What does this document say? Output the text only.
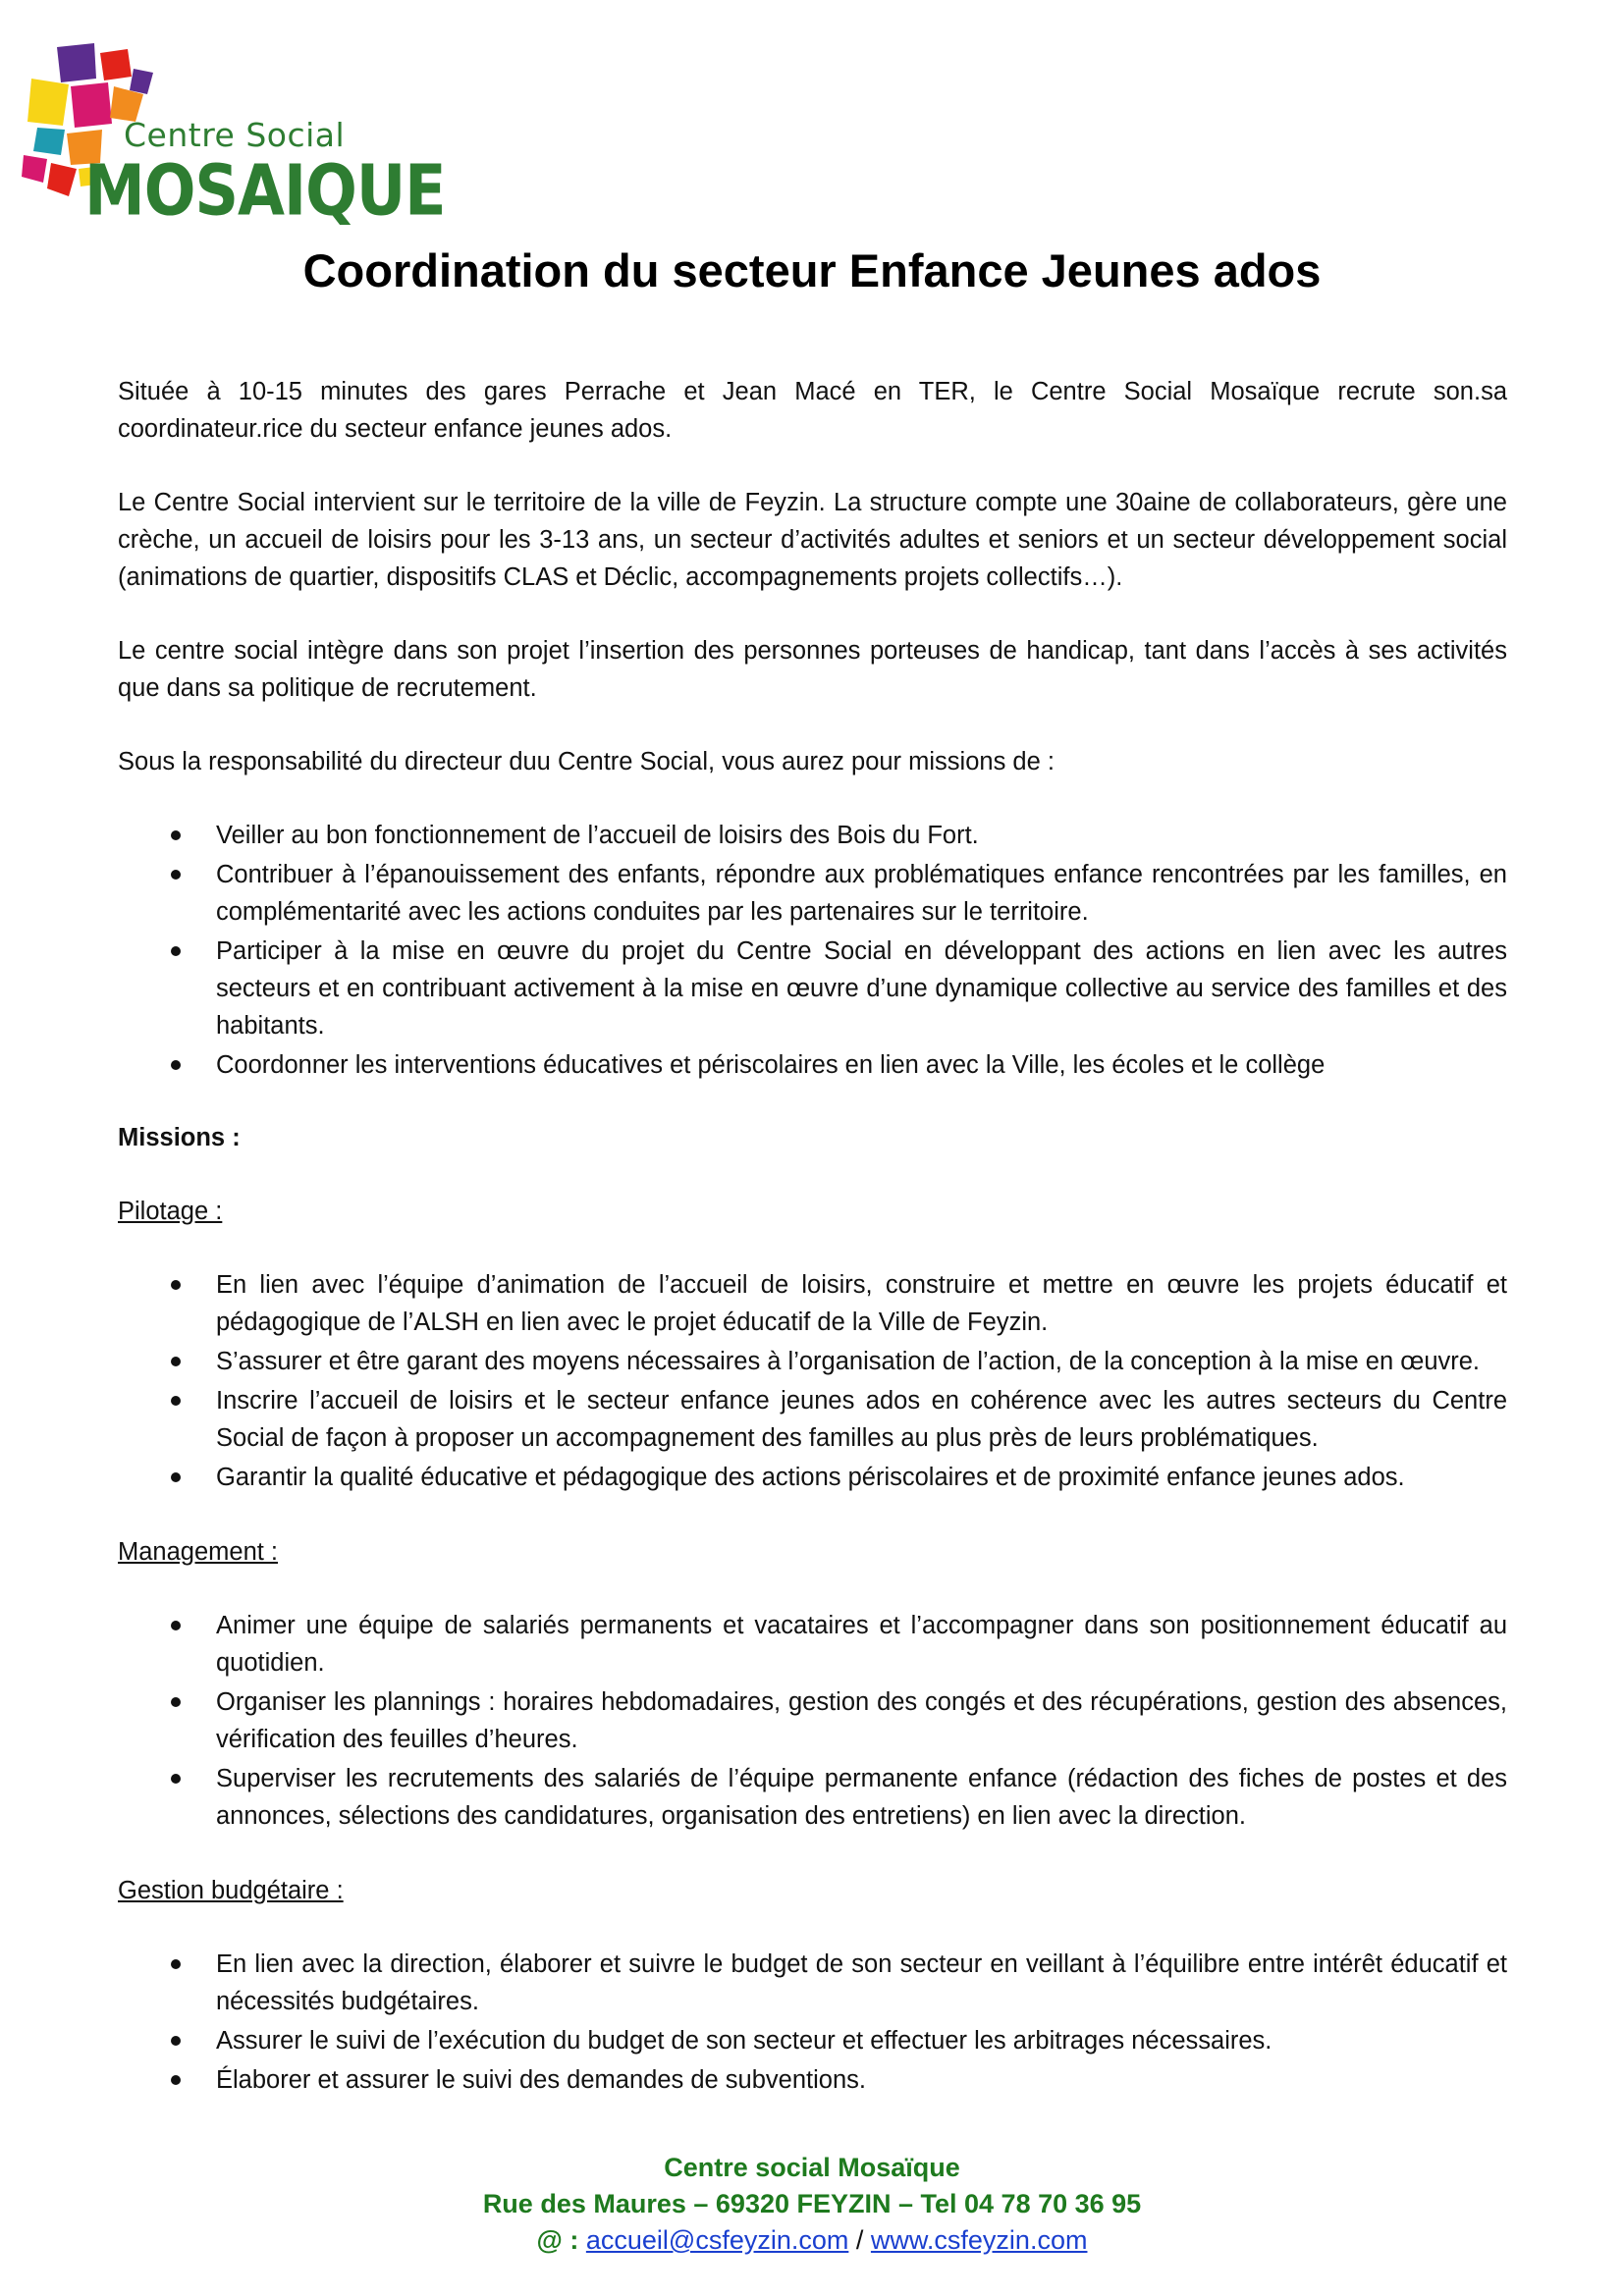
Centre Social
MOSAIQUE
Coordination du secteur Enfance Jeunes ados

Située à 10-15 minutes des gares Perrache et Jean Macé en TER, le Centre Social Mosaïque recrute son.sa coordinateur.rice du secteur enfance jeunes ados.

Le Centre Social intervient sur le territoire de la ville de Feyzin. La structure compte une 30aine de collaborateurs, gère une crèche, un accueil de loisirs pour les 3-13 ans, un secteur d’activités adultes et seniors et un secteur développement social (animations de quartier, dispositifs CLAS et Déclic, accompagnements projets collectifs…).

Le centre social intègre dans son projet l’insertion des personnes porteuses de handicap, tant dans l’accès à ses activités que dans sa politique de recrutement.

Sous la responsabilité du directeur duu Centre Social, vous aurez pour missions de :

Veiller au bon fonctionnement de l’accueil de loisirs des Bois du Fort.
Contribuer à l’épanouissement des enfants, répondre aux problématiques enfance rencontrées par les familles, en complémentarité avec les actions conduites par les partenaires sur le territoire.
Participer à la mise en œuvre du projet du Centre Social en développant des actions en lien avec les autres secteurs et en contribuant activement à la mise en œuvre d’une dynamique collective au service des familles et des habitants.
Coordonner les interventions éducatives et périscolaires en lien avec la Ville, les écoles et le collège

Missions :

Pilotage :

En lien avec l’équipe d’animation de l’accueil de loisirs, construire et mettre en œuvre les projets éducatif et pédagogique de l’ALSH en lien avec le projet éducatif de la Ville de Feyzin.
S’assurer et être garant des moyens nécessaires à l’organisation de l’action, de la conception à la mise en œuvre.
Inscrire l’accueil de loisirs et le secteur enfance jeunes ados en cohérence avec les autres secteurs du Centre Social de façon à proposer un accompagnement des familles au plus près de leurs problématiques.
Garantir la qualité éducative et pédagogique des actions périscolaires et de proximité enfance jeunes ados.

Management :

Animer une équipe de salariés permanents et vacataires et l’accompagner dans son positionnement éducatif au quotidien.
Organiser les plannings : horaires hebdomadaires, gestion des congés et des récupérations, gestion des absences, vérification des feuilles d’heures.
Superviser les recrutements des salariés de l’équipe permanente enfance (rédaction des fiches de postes et des annonces, sélections des candidatures, organisation des entretiens) en lien avec la direction.

Gestion budgétaire :

En lien avec la direction, élaborer et suivre le budget de son secteur en veillant à l’équilibre entre intérêt éducatif et nécessités budgétaires.
Assurer le suivi de l’exécution du budget de son secteur et effectuer les arbitrages nécessaires.
Élaborer et assurer le suivi des demandes de subventions.
Centre social Mosaïque
Rue des Maures – 69320 FEYZIN – Tel 04 78 70 36 95
@ : accueil@csfeyzin.com / www.csfeyzin.com
